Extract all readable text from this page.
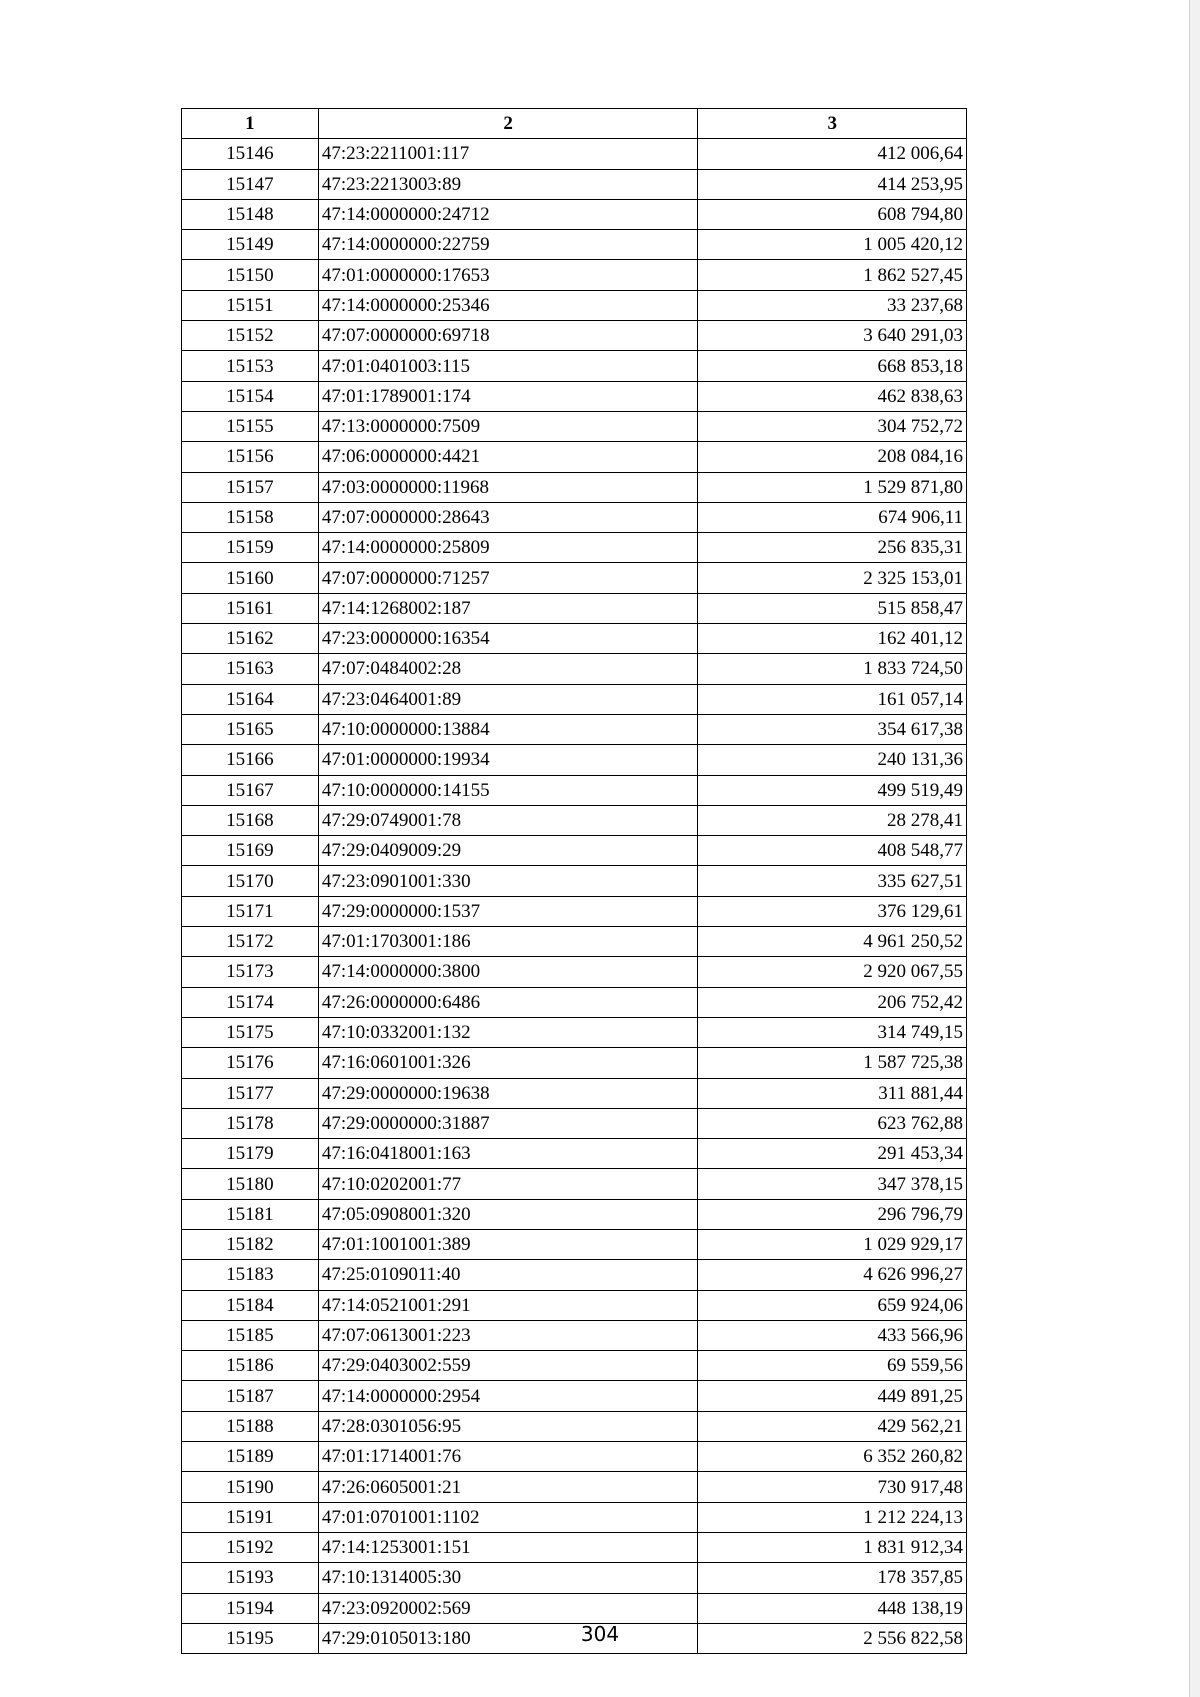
1	2	3
15146	47:23:2211001:117	412 006,64
15147	47:23:2213003:89	414 253,95
15148	47:14:0000000:24712	608 794,80
15149	47:14:0000000:22759	1 005 420,12
15150	47:01:0000000:17653	1 862 527,45
15151	47:14:0000000:25346	33 237,68
15152	47:07:0000000:69718	3 640 291,03
15153	47:01:0401003:115	668 853,18
15154	47:01:1789001:174	462 838,63
15155	47:13:0000000:7509	304 752,72
15156	47:06:0000000:4421	208 084,16
15157	47:03:0000000:11968	1 529 871,80
15158	47:07:0000000:28643	674 906,11
15159	47:14:0000000:25809	256 835,31
15160	47:07:0000000:71257	2 325 153,01
15161	47:14:1268002:187	515 858,47
15162	47:23:0000000:16354	162 401,12
15163	47:07:0484002:28	1 833 724,50
15164	47:23:0464001:89	161 057,14
15165	47:10:0000000:13884	354 617,38
15166	47:01:0000000:19934	240 131,36
15167	47:10:0000000:14155	499 519,49
15168	47:29:0749001:78	28 278,41
15169	47:29:0409009:29	408 548,77
15170	47:23:0901001:330	335 627,51
15171	47:29:0000000:1537	376 129,61
15172	47:01:1703001:186	4 961 250,52
15173	47:14:0000000:3800	2 920 067,55
15174	47:26:0000000:6486	206 752,42
15175	47:10:0332001:132	314 749,15
15176	47:16:0601001:326	1 587 725,38
15177	47:29:0000000:19638	311 881,44
15178	47:29:0000000:31887	623 762,88
15179	47:16:0418001:163	291 453,34
15180	47:10:0202001:77	347 378,15
15181	47:05:0908001:320	296 796,79
15182	47:01:1001001:389	1 029 929,17
15183	47:25:0109011:40	4 626 996,27
15184	47:14:0521001:291	659 924,06
15185	47:07:0613001:223	433 566,96
15186	47:29:0403002:559	69 559,56
15187	47:14:0000000:2954	449 891,25
15188	47:28:0301056:95	429 562,21
15189	47:01:1714001:76	6 352 260,82
15190	47:26:0605001:21	730 917,48
15191	47:01:0701001:1102	1 212 224,13
15192	47:14:1253001:151	1 831 912,34
15193	47:10:1314005:30	178 357,85
15194	47:23:0920002:569	448 138,19
15195	47:29:0105013:180	2 556 822,58
304
